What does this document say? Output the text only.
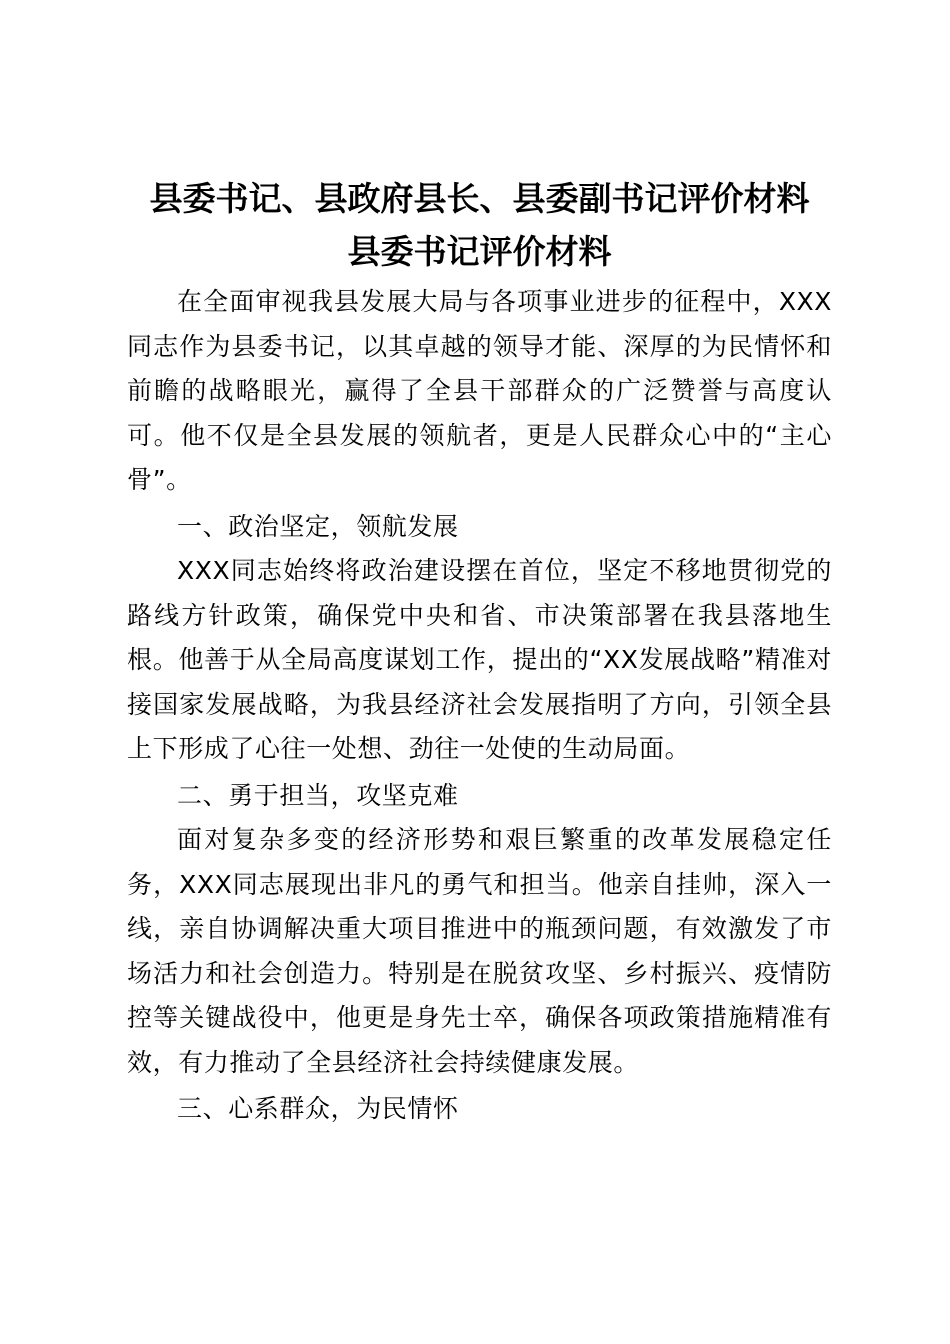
县委书记、县政府县长、县委副书记评价材料
县委书记评价材料

在全面审视我县发展大局与各项事业进步的征程中，XXX同志作为县委书记，以其卓越的领导才能、深厚的为民情怀和前瞻的战略眼光，赢得了全县干部群众的广泛赞誉与高度认可。他不仅是全县发展的领航者，更是人民群众心中的“主心骨”。

一、政治坚定，领航发展

XXX同志始终将政治建设摆在首位，坚定不移地贯彻党的路线方针政策，确保党中央和省、市决策部署在我县落地生根。他善于从全局高度谋划工作，提出的“XX发展战略”精准对接国家发展战略，为我县经济社会发展指明了方向，引领全县上下形成了心往一处想、劲往一处使的生动局面。

二、勇于担当，攻坚克难

面对复杂多变的经济形势和艰巨繁重的改革发展稳定任务，XXX同志展现出非凡的勇气和担当。他亲自挂帅，深入一线，亲自协调解决重大项目推进中的瓶颈问题，有效激发了市场活力和社会创造力。特别是在脱贫攻坚、乡村振兴、疫情防控等关键战役中，他更是身先士卒，确保各项政策措施精准有效，有力推动了全县经济社会持续健康发展。

三、心系群众，为民情怀
